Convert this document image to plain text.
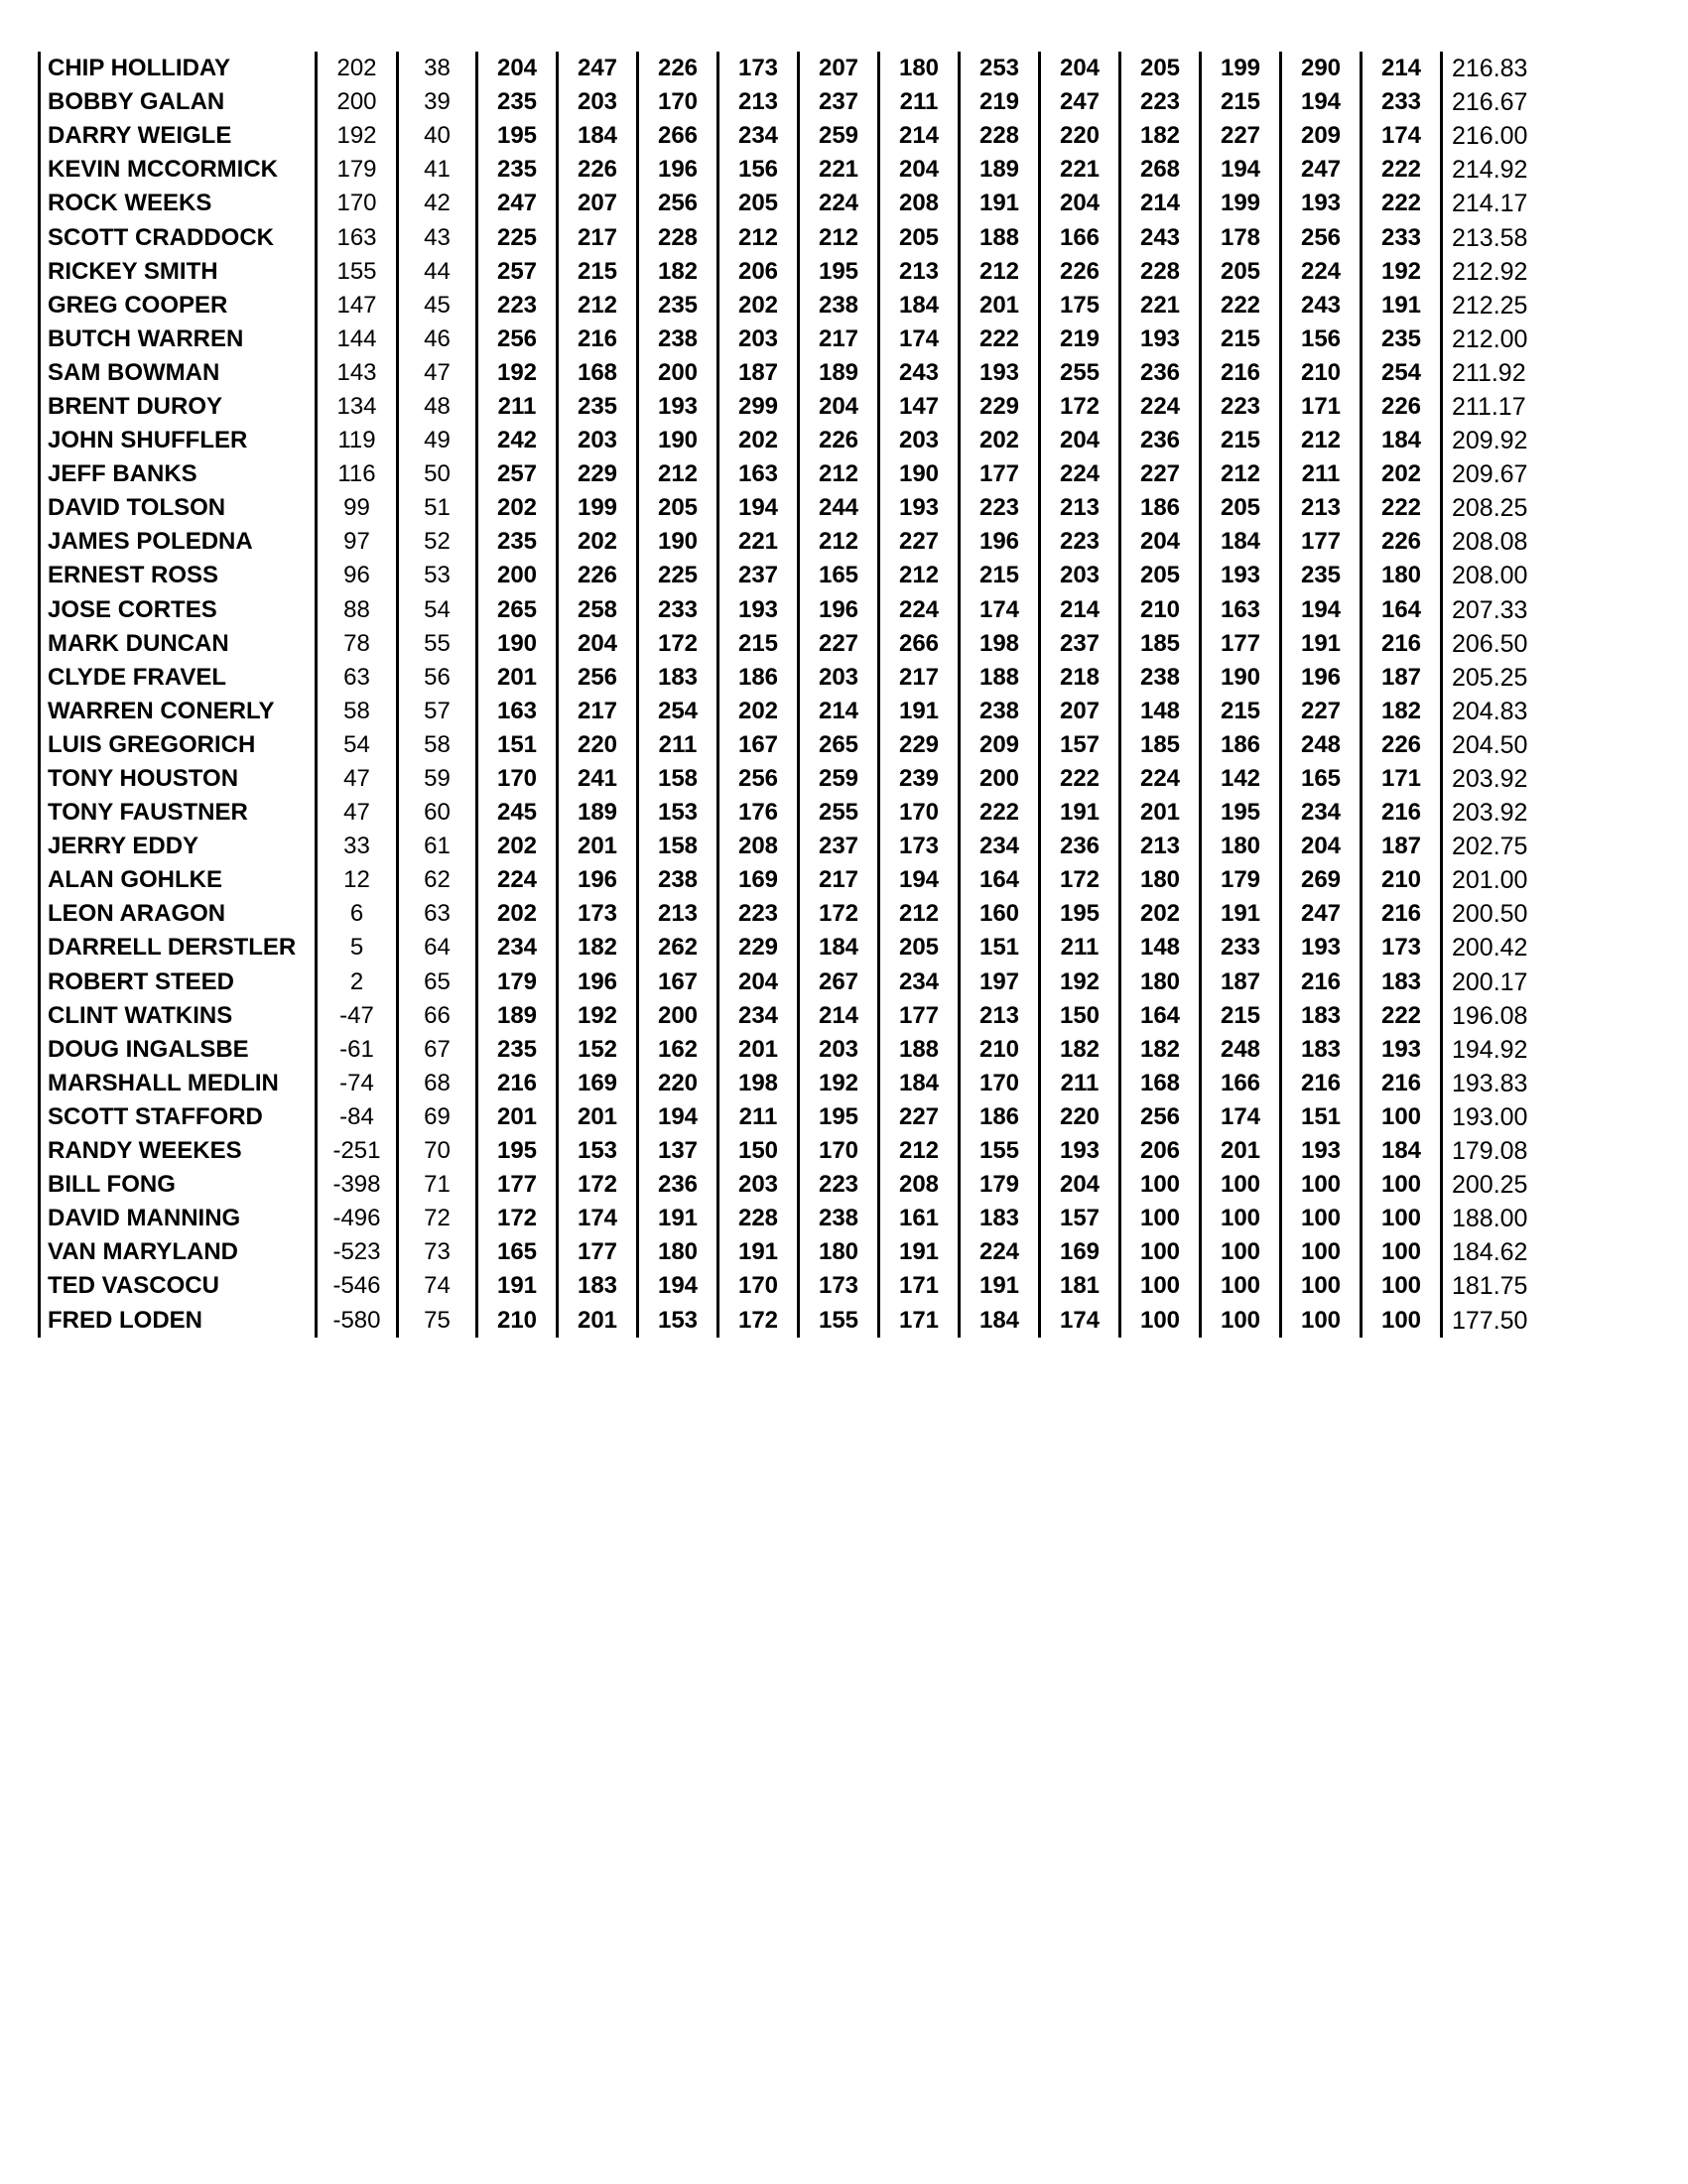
CHIP HOLLIDAY	202	38	204	247	226	173	207	180	253	204	205	199	290	214	216.83
BOBBY GALAN	200	39	235	203	170	213	237	211	219	247	223	215	194	233	216.67
DARRY WEIGLE	192	40	195	184	266	234	259	214	228	220	182	227	209	174	216.00
KEVIN MCCORMICK	179	41	235	226	196	156	221	204	189	221	268	194	247	222	214.92
ROCK WEEKS	170	42	247	207	256	205	224	208	191	204	214	199	193	222	214.17
SCOTT CRADDOCK	163	43	225	217	228	212	212	205	188	166	243	178	256	233	213.58
RICKEY SMITH	155	44	257	215	182	206	195	213	212	226	228	205	224	192	212.92
GREG COOPER	147	45	223	212	235	202	238	184	201	175	221	222	243	191	212.25
BUTCH WARREN	144	46	256	216	238	203	217	174	222	219	193	215	156	235	212.00
SAM BOWMAN	143	47	192	168	200	187	189	243	193	255	236	216	210	254	211.92
BRENT DUROY	134	48	211	235	193	299	204	147	229	172	224	223	171	226	211.17
JOHN SHUFFLER	119	49	242	203	190	202	226	203	202	204	236	215	212	184	209.92
JEFF BANKS	116	50	257	229	212	163	212	190	177	224	227	212	211	202	209.67
DAVID TOLSON	99	51	202	199	205	194	244	193	223	213	186	205	213	222	208.25
JAMES POLEDNA	97	52	235	202	190	221	212	227	196	223	204	184	177	226	208.08
ERNEST ROSS	96	53	200	226	225	237	165	212	215	203	205	193	235	180	208.00
JOSE CORTES	88	54	265	258	233	193	196	224	174	214	210	163	194	164	207.33
MARK DUNCAN	78	55	190	204	172	215	227	266	198	237	185	177	191	216	206.50
CLYDE FRAVEL	63	56	201	256	183	186	203	217	188	218	238	190	196	187	205.25
WARREN CONERLY	58	57	163	217	254	202	214	191	238	207	148	215	227	182	204.83
LUIS GREGORICH	54	58	151	220	211	167	265	229	209	157	185	186	248	226	204.50
TONY HOUSTON	47	59	170	241	158	256	259	239	200	222	224	142	165	171	203.92
TONY FAUSTNER	47	60	245	189	153	176	255	170	222	191	201	195	234	216	203.92
JERRY EDDY	33	61	202	201	158	208	237	173	234	236	213	180	204	187	202.75
ALAN GOHLKE	12	62	224	196	238	169	217	194	164	172	180	179	269	210	201.00
LEON ARAGON	6	63	202	173	213	223	172	212	160	195	202	191	247	216	200.50
DARRELL DERSTLER	5	64	234	182	262	229	184	205	151	211	148	233	193	173	200.42
ROBERT STEED	2	65	179	196	167	204	267	234	197	192	180	187	216	183	200.17
CLINT WATKINS	-47	66	189	192	200	234	214	177	213	150	164	215	183	222	196.08
DOUG INGALSBE	-61	67	235	152	162	201	203	188	210	182	182	248	183	193	194.92
MARSHALL MEDLIN	-74	68	216	169	220	198	192	184	170	211	168	166	216	216	193.83
SCOTT STAFFORD	-84	69	201	201	194	211	195	227	186	220	256	174	151	100	193.00
RANDY WEEKES	-251	70	195	153	137	150	170	212	155	193	206	201	193	184	179.08
BILL FONG	-398	71	177	172	236	203	223	208	179	204	100	100	100	100	200.25
DAVID MANNING	-496	72	172	174	191	228	238	161	183	157	100	100	100	100	188.00
VAN MARYLAND	-523	73	165	177	180	191	180	191	224	169	100	100	100	100	184.62
TED VASCOCU	-546	74	191	183	194	170	173	171	191	181	100	100	100	100	181.75
FRED LODEN	-580	75	210	201	153	172	155	171	184	174	100	100	100	100	177.50
